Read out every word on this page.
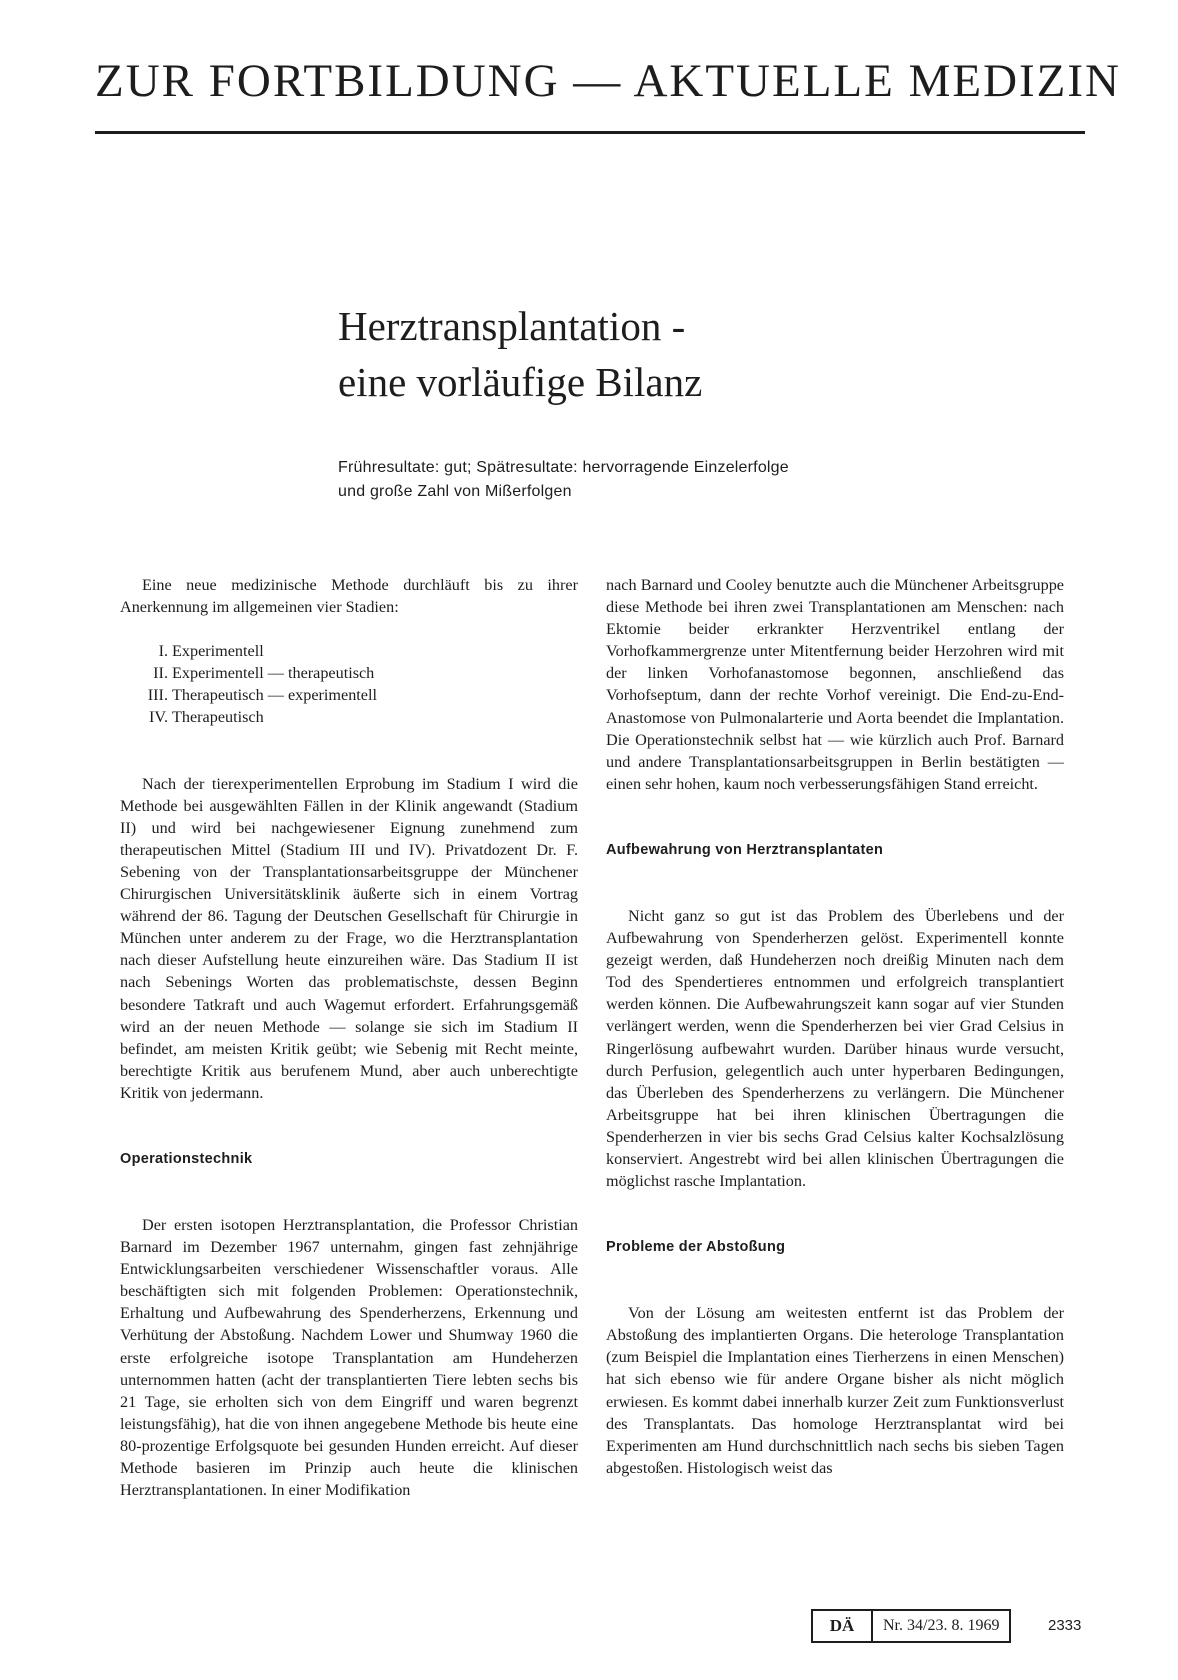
ZUR FORTBILDUNG — AKTUELLE MEDIZIN
Herztransplantation -
eine vorläufige Bilanz
Frühresultate: gut; Spätresultate: hervorragende Einzelerfolge
und große Zahl von Mißerfolgen

Eine neue medizinische Methode durchläuft bis zu ihrer Anerkennung im allgemeinen vier Stadien:

I. Experimentell
II. Experimentell — therapeutisch
III. Therapeutisch — experimentell
IV. Therapeutisch

Nach der tierexperimentellen Erprobung im Stadium I wird die Methode bei ausgewählten Fällen in der Klinik angewandt (Stadium II) und wird bei nachgewiesener Eignung zunehmend zum therapeutischen Mittel (Stadium III und IV). Privatdozent Dr. F. Sebening von der Transplantationsarbeitsgruppe der Münchener Chirurgischen Universitätsklinik äußerte sich in einem Vortrag während der 86. Tagung der Deutschen Gesellschaft für Chirurgie in München unter anderem zu der Frage, wo die Herztransplantation nach dieser Aufstellung heute einzureihen wäre. Das Stadium II ist nach Sebenings Worten das problematischste, dessen Beginn besondere Tatkraft und auch Wagemut erfordert. Erfahrungsgemäß wird an der neuen Methode — solange sie sich im Stadium II befindet, am meisten Kritik geübt; wie Sebenig mit Recht meinte, berechtigte Kritik aus berufenem Mund, aber auch unberechtigte Kritik von jedermann.

Operationstechnik

Der ersten isotopen Herztransplantation, die Professor Christian Barnard im Dezember 1967 unternahm, gingen fast zehnjährige Entwicklungsarbeiten verschiedener Wissenschaftler voraus. Alle beschäftigten sich mit folgenden Problemen: Operationstechnik, Erhaltung und Aufbewahrung des Spenderherzens, Erkennung und Verhütung der Abstoßung. Nachdem Lower und Shumway 1960 die erste erfolgreiche isotope Transplantation am Hundeherzen unternommen hatten (acht der transplantierten Tiere lebten sechs bis 21 Tage, sie erholten sich von dem Eingriff und waren begrenzt leistungsfähig), hat die von ihnen angegebene Methode bis heute eine 80-prozentige Erfolgsquote bei gesunden Hunden erreicht. Auf dieser Methode basieren im Prinzip auch heute die klinischen Herztransplantationen. In einer Modifikation

nach Barnard und Cooley benutzte auch die Münchener Arbeitsgruppe diese Methode bei ihren zwei Transplantationen am Menschen: nach Ektomie beider erkrankter Herzventrikel entlang der Vorhofkammergrenze unter Mitentfernung beider Herzohren wird mit der linken Vorhofanastomose begonnen, anschließend das Vorhofseptum, dann der rechte Vorhof vereinigt. Die End-zu-End-Anastomose von Pulmonalarterie und Aorta beendet die Implantation. Die Operationstechnik selbst hat — wie kürzlich auch Prof. Barnard und andere Transplantationsarbeitsgruppen in Berlin bestätigten — einen sehr hohen, kaum noch verbesserungsfähigen Stand erreicht.

Aufbewahrung von Herztransplantaten

Nicht ganz so gut ist das Problem des Überlebens und der Aufbewahrung von Spenderherzen gelöst. Experimentell konnte gezeigt werden, daß Hundeherzen noch dreißig Minuten nach dem Tod des Spendertieres entnommen und erfolgreich transplantiert werden können. Die Aufbewahrungszeit kann sogar auf vier Stunden verlängert werden, wenn die Spenderherzen bei vier Grad Celsius in Ringerlösung aufbewahrt wurden. Darüber hinaus wurde versucht, durch Perfusion, gelegentlich auch unter hyperbaren Bedingungen, das Überleben des Spenderherzens zu verlängern. Die Münchener Arbeitsgruppe hat bei ihren klinischen Übertragungen die Spenderherzen in vier bis sechs Grad Celsius kalter Kochsalzlösung konserviert. Angestrebt wird bei allen klinischen Übertragungen die möglichst rasche Implantation.

Probleme der Abstoßung

Von der Lösung am weitesten entfernt ist das Problem der Abstoßung des implantierten Organs. Die heterologe Transplantation (zum Beispiel die Implantation eines Tierherzens in einen Menschen) hat sich ebenso wie für andere Organe bisher als nicht möglich erwiesen. Es kommt dabei innerhalb kurzer Zeit zum Funktionsverlust des Transplantats. Das homologe Herztransplantat wird bei Experimenten am Hund durchschnittlich nach sechs bis sieben Tagen abgestoßen. Histologisch weist das

DÄ	Nr. 34/23. 8. 1969	2333
